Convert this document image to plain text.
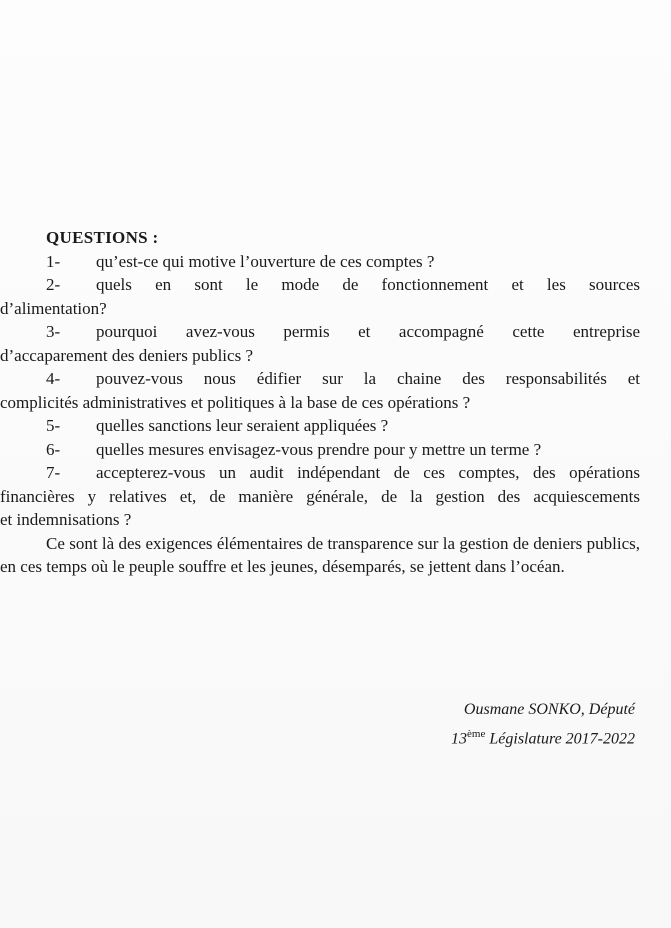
QUESTIONS :
1-	qu’est-ce qui motive l’ouverture de ces comptes ?
2-	quels en sont le mode de fonctionnement et les sources
d’alimentation?
3-	pourquoi avez-vous permis et accompagné cette entreprise
d’accaparement des deniers publics ?
4-	pouvez-vous nous édifier sur la chaine des responsabilités et
complicités administratives et politiques à la base de ces opérations ?
5-	quelles sanctions leur seraient appliquées ?
6-	quelles mesures envisagez-vous prendre pour y mettre un terme ?
7-	accepterez-vous un audit indépendant de ces comptes, des opérations
financières y relatives et, de manière générale, de la gestion des acquiescements
et indemnisations ?
Ce sont là des exigences élémentaires de transparence sur la gestion de deniers publics, en ces temps où le peuple souffre et les jeunes, désemparés, se jettent dans l’océan.
Ousmane SONKO, Député
13ème Législature 2017-2022
